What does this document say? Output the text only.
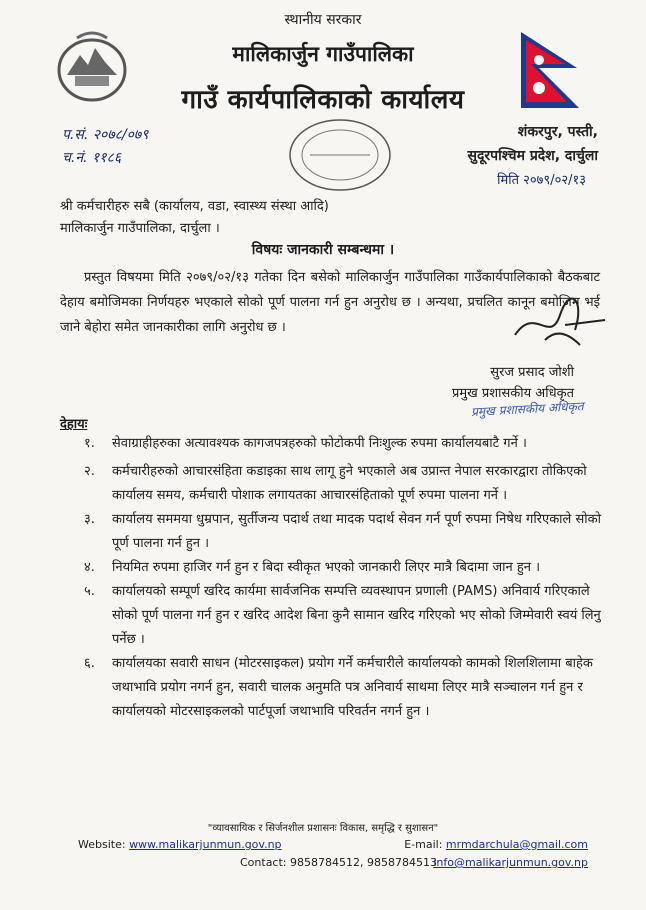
स्थानीय सरकार
मालिकार्जुन गाउँपालिका
गाउँ कार्यपालिकाको कार्यालय
प.सं. २०७८/०७९
च.नं. ११८६
शंकरपुर, पस्ती,
सुदूरपश्चिम प्रदेश, दार्चुला
मिति २०७९/०२/१३
श्री कर्मचारीहरु सबै (कार्यालय, वडा, स्वास्थ्य संस्था आदि)
मालिकार्जुन गाउँपालिका, दार्चुला ।
विषयः जानकारी सम्बन्धमा ।
प्रस्तुत विषयमा मिति २०७९/०२/१३ गतेका दिन बसेको मालिकार्जुन गाउँपालिका गाउँकार्यपालिकाको बैठकबाट देहाय बमोजिमका निर्णयहरु भएकाले सोको पूर्ण पालना गर्न हुन अनुरोध छ । अन्यथा, प्रचलित कानून बमोजिम भई जाने बेहोरा समेत जानकारीका लागि अनुरोध छ ।
सुरज प्रसाद जोशी
प्रमुख प्रशासकीय अधिकृत
प्रमुख प्रशासकीय अधिकृत
देहायः
१.	सेवाग्राहीहरुका अत्यावश्यक कागजपत्रहरुको फोटोकपी निःशुल्क रुपमा कार्यालयबाटै गर्ने ।
२.	कर्मचारीहरुको आचारसंहिता कडाइका साथ लागू हुने भएकाले अब उप्रान्त नेपाल सरकारद्वारा तोकिएको कार्यालय समय, कर्मचारी पोशाक लगायतका आचारसंहिताको पूर्ण रुपमा पालना गर्ने ।
३.	कार्यालय सममया धुम्रपान, सुर्तीजन्य पदार्थ तथा मादक पदार्थ सेवन गर्न पूर्ण रुपमा निषेध गरिएकाले सोको पूर्ण पालना गर्न हुन ।
४.	नियमित रुपमा हाजिर गर्न हुन र बिदा स्वीकृत भएको जानकारी लिएर मात्रै बिदामा जान हुन ।
५.	कार्यालयको सम्पूर्ण खरिद कार्यमा सार्वजनिक सम्पत्ति व्यवस्थापन प्रणाली (PAMS) अनिवार्य गरिएकाले सोको पूर्ण पालना गर्न हुन र खरिद आदेश बिना कुनै सामान खरिद गरिएको भए सोको जिम्मेवारी स्वयं लिनु पर्नेछ ।
६.	कार्यालयका सवारी साधन (मोटरसाइकल) प्रयोग गर्ने कर्मचारीले कार्यालयको कामको शिलशिलामा बाहेक जथाभावि प्रयोग नगर्न हुन, सवारी चालक अनुमति पत्र अनिवार्य साथमा लिएर मात्रै सञ्चालन गर्न हुन र कार्यालयको मोटरसाइकलको पार्टपूर्जा जथाभावि परिवर्तन नगर्न हुन ।
"व्यावसायिक र सिर्जनशील प्रशासनः विकास, समृद्धि र सुशासन"
Website: www.malikarjunmun.gov.np	E-mail: mrmdarchula@gmail.com
Contact: 9858784512, 9858784513
info@malikarjunmun.gov.np
